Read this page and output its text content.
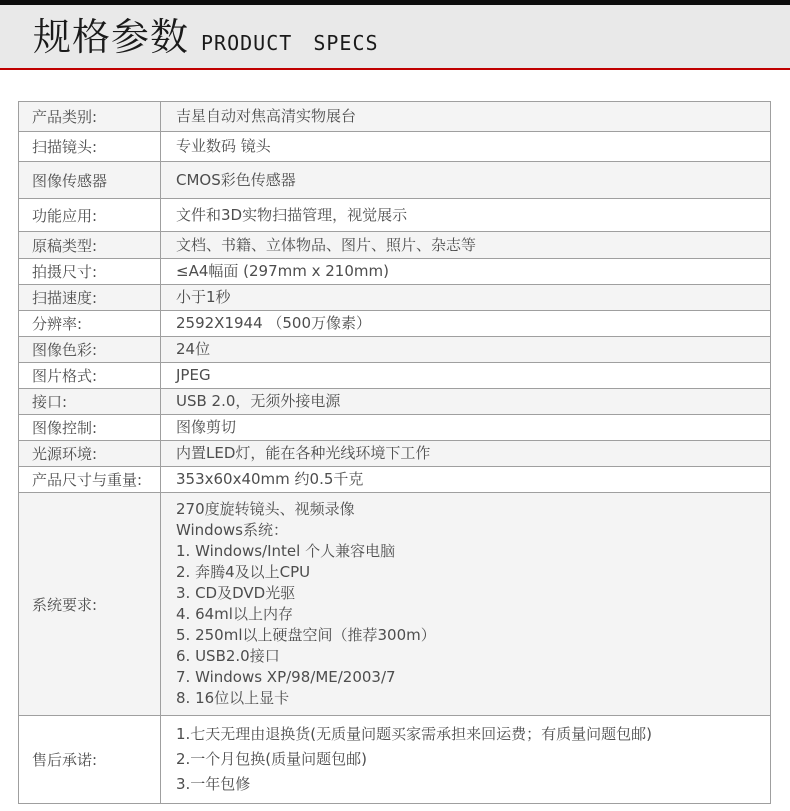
规格参数 PRODUCT SPECS
产品类别:	吉星自动对焦高清实物展台

扫描镜头:	专业数码 镜头

图像传感器	CMOS彩色传感器

功能应用:	文件和3D实物扫描管理，视觉展示

原稿类型:	文档、书籍、立体物品、图片、照片、杂志等

拍摄尺寸:	≤A4幅面 (297mm x 210mm)

扫描速度:	小于1秒

分辨率:	2592X1944 （500万像素）

图像色彩:	24位

图片格式:	JPEG

接口:	USB 2.0，无须外接电源

图像控制:	图像剪切

光源环境:	内置LED灯，能在各种光线环境下工作

产品尺寸与重量:	353x60x40mm 约0.5千克

系统要求:	
270度旋转镜头、视频录像
Windows系统：
1. Windows/Intel 个人兼容电脑
2. 奔腾4及以上CPU
3. CD及DVD光驱
4. 64ml以上内存
5. 250ml以上硬盘空间（推荐300m）
6. USB2.0接口
7. Windows XP/98/ME/2003/7
8. 16位以上显卡

售后承诺:	1.七天无理由退换货(无质量问题买家需承担来回运费；有质量问题包邮)
2.一个月包换(质量问题包邮)
3.一年包修
